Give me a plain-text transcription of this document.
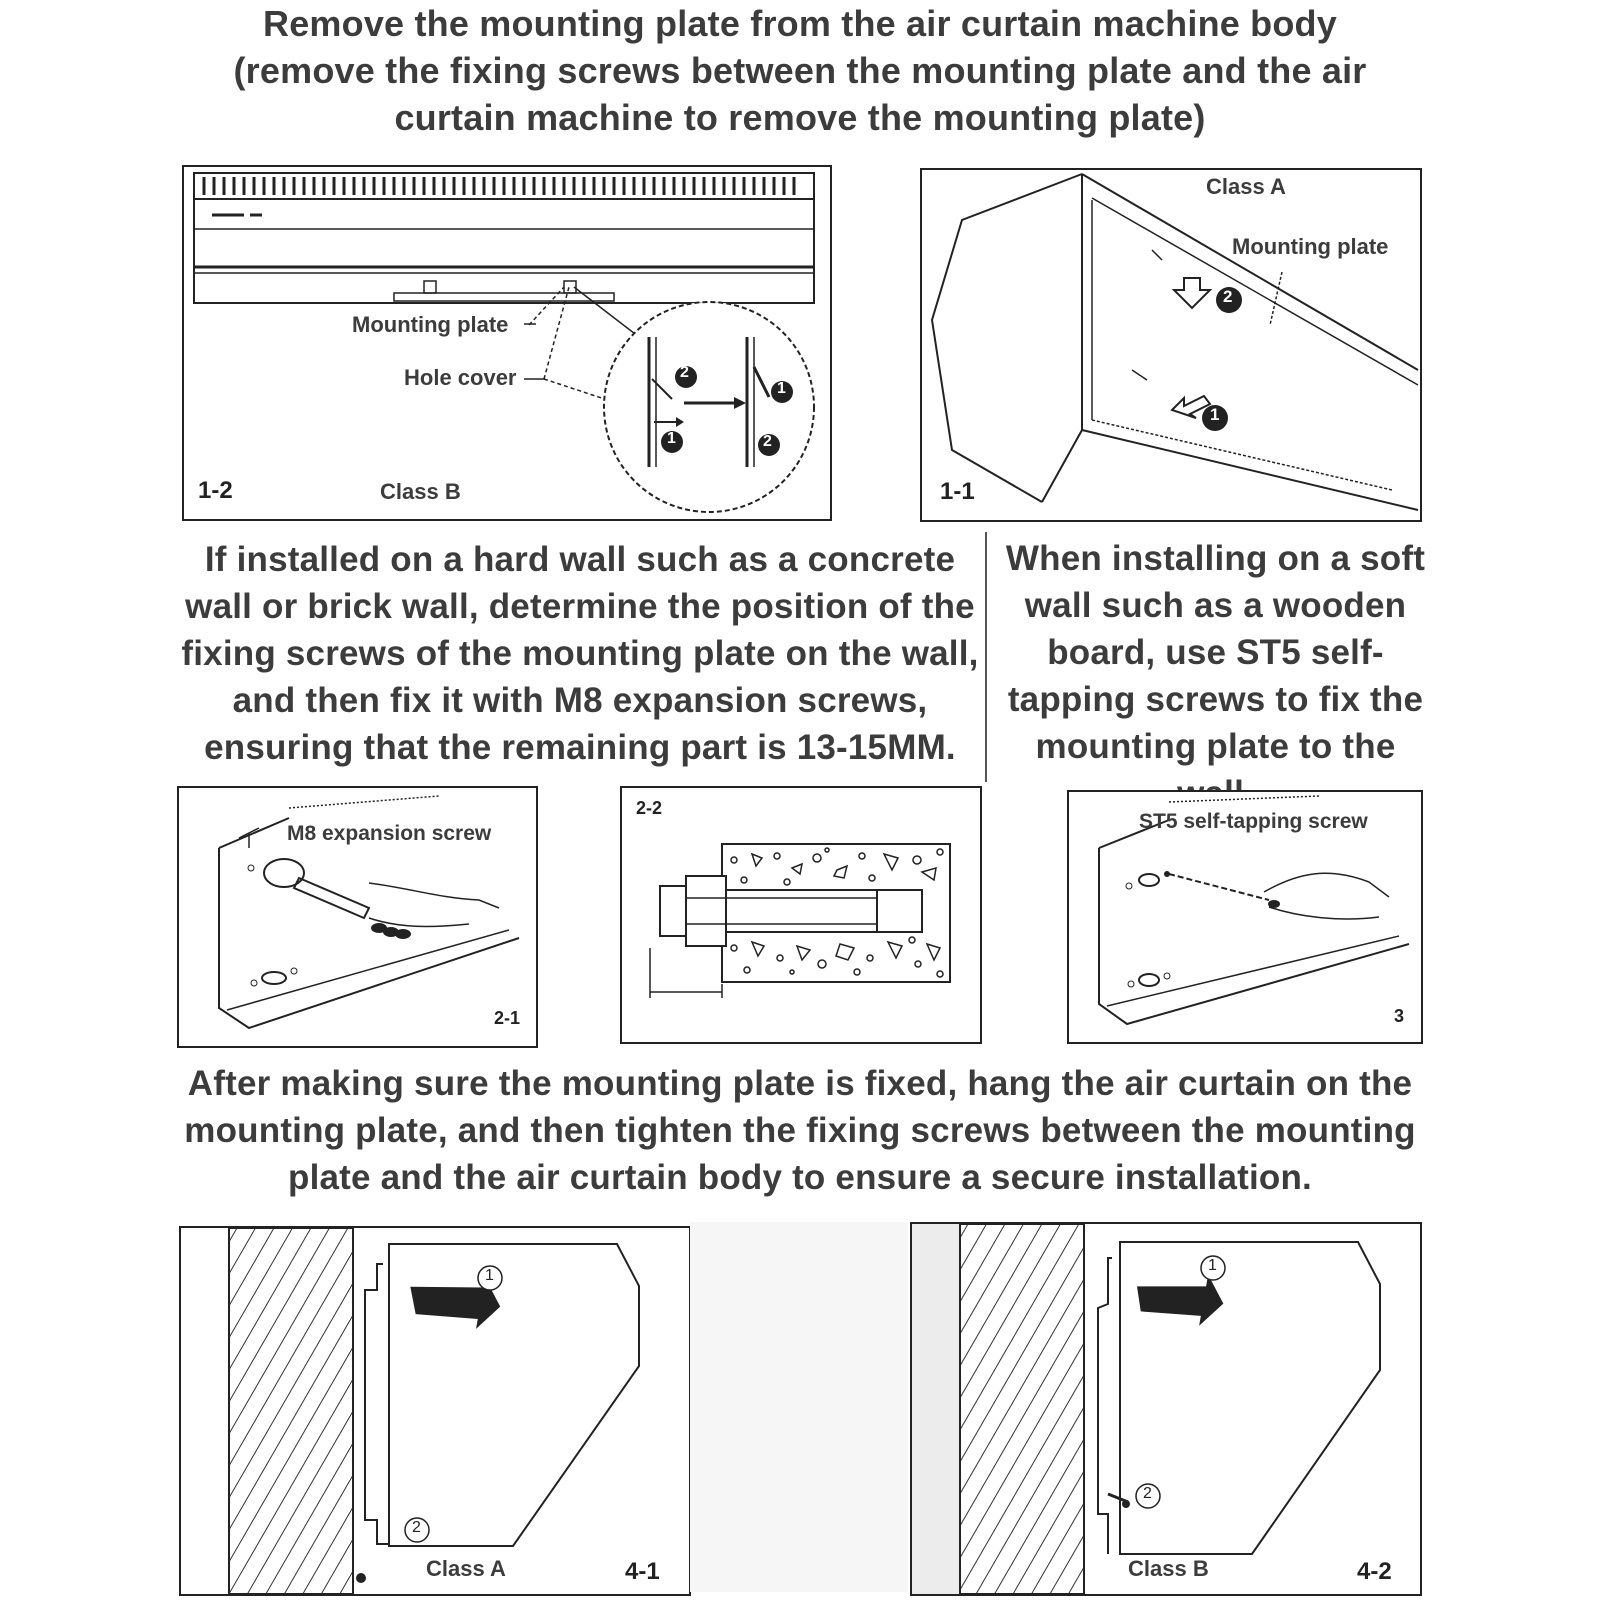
Remove the mounting plate from the air curtain machine body (remove the fixing screws between the mounting plate and the air curtain machine to remove the mounting plate)
2
1
1
2
Mounting plate
Hole cover
1-2	Class B
2
1
Class A
Mounting plate
1-1
If installed on a hard wall such as a concrete wall or brick wall, determine the position of the fixing screws of the mounting plate on the wall, and then fix it with M8 expansion screws, ensuring that the remaining part is 13-15MM.
When installing on a soft wall such as a wooden board, use ST5 self-tapping screws to fix the mounting plate to the
M8 expansion screw
2-1
2-2
ST5 self-tapping screw
3
After making sure the mounting plate is fixed, hang the air curtain on the mounting plate, and then tighten the fixing screws between the mounting plate and the air curtain body to ensure a secure installation.
1
2
Class A	4-1
1
2
Class B	4-2
